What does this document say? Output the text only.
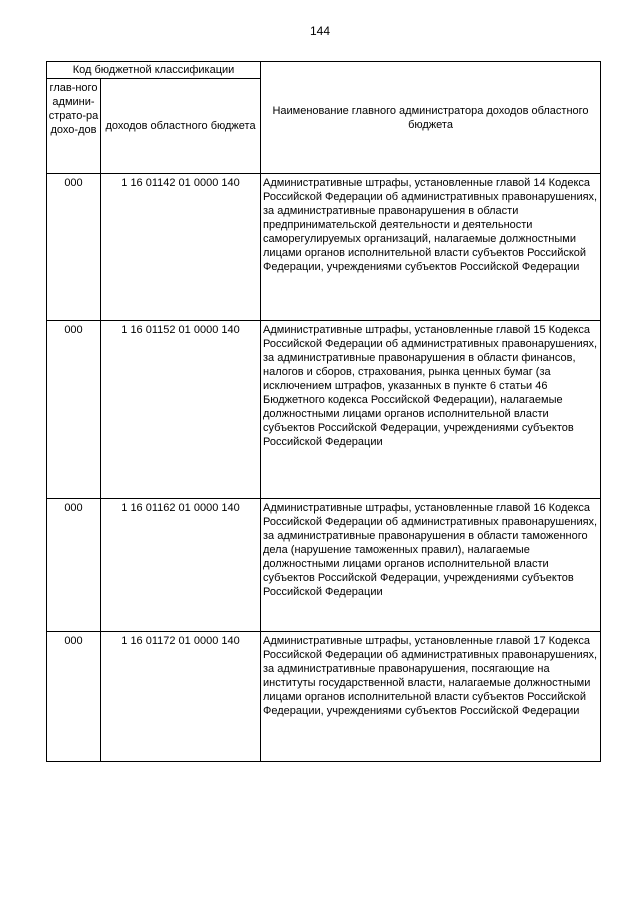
144
Код бюджетной классификации		Наименование главного администратора доходов областного бюджета
глав-ного админи-страто-ра дохо-дов	доходов областного бюджета	
000	1 16 01142 01 0000 140	Административные штрафы, установленные главой 14 Кодекса Российской Федерации об административных правонарушениях, за административные правонарушения в области предпринимательской деятельности и деятельности саморегулируемых организаций, налагаемые должностными лицами органов исполнительной власти субъектов Российской Федерации, учреждениями субъектов Российской Федерации

000	1 16 01152 01 0000 140	Административные штрафы, установленные главой 15 Кодекса Российской Федерации об административных правонарушениях, за административные правонарушения в области финансов, налогов и сборов, страхования, рынка ценных бумаг (за исключением штрафов, указанных в пункте 6 статьи 46 Бюджетного кодекса Российской Федерации), налагаемые должностными лицами органов исполнительной власти субъектов Российской Федерации, учреждениями субъектов Российской Федерации

000	1 16 01162 01 0000 140	Административные штрафы, установленные главой 16 Кодекса Российской Федерации об административных правонарушениях, за административные правонарушения в области таможенного дела (нарушение таможенных правил), налагаемые должностными лицами органов исполнительной власти субъектов Российской Федерации, учреждениями субъектов Российской Федерации

000	1 16 01172 01 0000 140	Административные штрафы, установленные главой 17 Кодекса Российской Федерации об административных правонарушениях, за административные правонарушения, посягающие на институты государственной власти, налагаемые должностными лицами органов исполнительной власти субъектов Российской Федерации, учреждениями субъектов Российской Федерации
